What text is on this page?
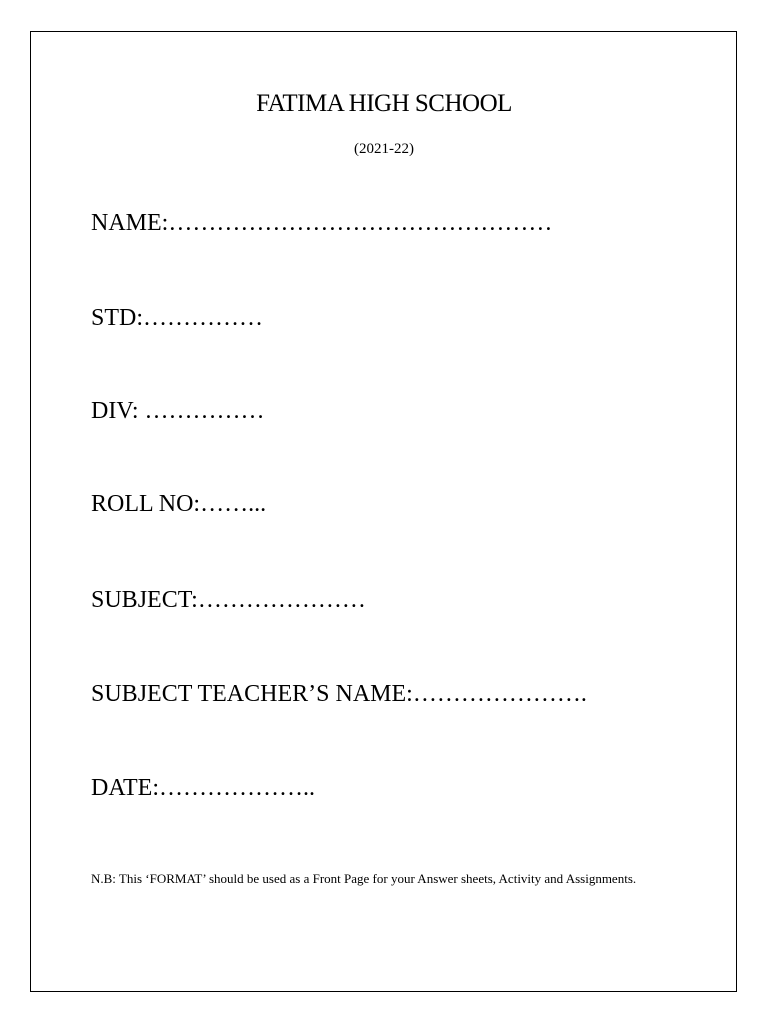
FATIMA HIGH SCHOOL

(2021-22)

NAME:…………………………………………

STD:……………

DIV: ……………

ROLL NO:……...

SUBJECT:…………………

SUBJECT TEACHER’S NAME:………………….

DATE:………………..

N.B: This ‘FORMAT’ should be used as a Front Page for your Answer sheets, Activity and Assignments.
